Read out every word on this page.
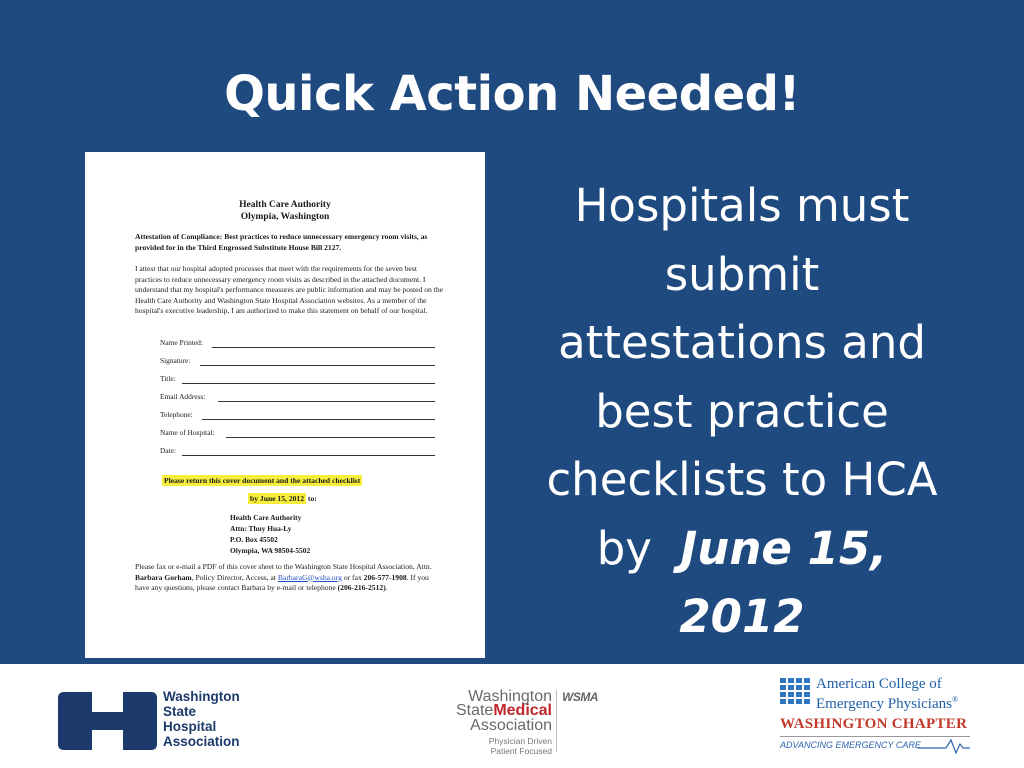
Quick Action Needed!
Health Care Authority
Olympia, Washington
Attestation of Compliance: Best practices to reduce unnecessary emergency room visits, as provided for in the Third Engrossed Substitute House Bill 2127.
I attest that our hospital adopted processes that meet with the requirements for the seven best practices to reduce unnecessary emergency room visits as described in the attached document. I understand that my hospital's performance measures are public information and may be posted on the Health Care Authority and Washington State Hospital Association websites. As a member of the hospital's executive leadership, I am authorized to make this statement on behalf of our hospital.
Name Printed:
Signature:
Title:
Email Address:
Telephone:
Name of Hospital:
Date:
Please return this cover document and the attached checklist
by June 15, 2012 to:
Health Care Authority
Attn: Thuy Hua-Ly
P.O. Box 45502
Olympia, WA 98504-5502
Please fax or e-mail a PDF of this cover sheet to the Washington State Hospital Association, Attn. Barbara Gorham, Policy Director, Access, at BarbaraG@wsha.org or fax 206-577-1908. If you have any questions, please contact Barbara by e-mail or telephone (206-216-2512).
Hospitals must
submit
attestations and
best practice
checklists to HCA
by June 15, 2012
Washington
State
Hospital
Association
Washington
StateMedical
Association
Physician Driven
Patient Focused
WSMA
American College of
Emergency Physicians®
WASHINGTON CHAPTER
ADVANCING EMERGENCY CARE
